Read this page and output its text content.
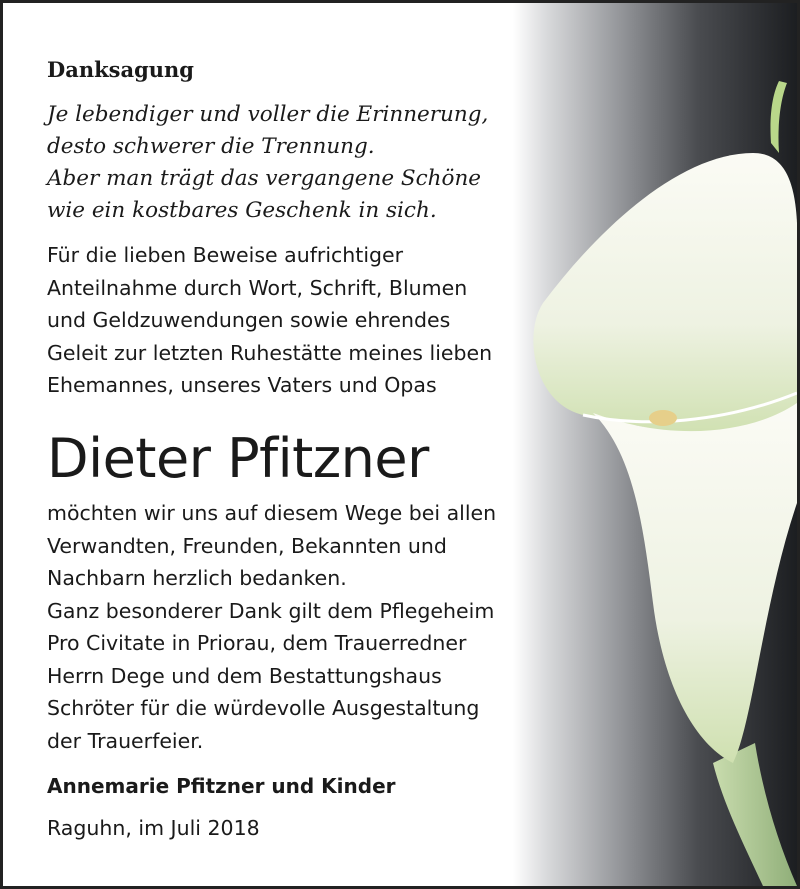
Danksagung
Je lebendiger und voller die Erinnerung,
desto schwerer die Trennung.
Aber man trägt das vergangene Schöne
wie ein kostbares Geschenk in sich.
Für die lieben Beweise aufrichtiger
Anteilnahme durch Wort, Schrift, Blumen
und Geldzuwendungen sowie ehrendes
Geleit zur letzten Ruhestätte meines lieben
Ehemannes, unseres Vaters und Opas
Dieter Pfitzner
möchten wir uns auf diesem Wege bei allen
Verwandten, Freunden, Bekannten und
Nachbarn herzlich bedanken.
Ganz besonderer Dank gilt dem Pflegeheim
Pro Civitate in Priorau, dem Trauerredner
Herrn Dege und dem Bestattungshaus
Schröter für die würdevolle Ausgestaltung
der Trauerfeier.
Annemarie Pfitzner und Kinder
Raguhn, im Juli 2018
